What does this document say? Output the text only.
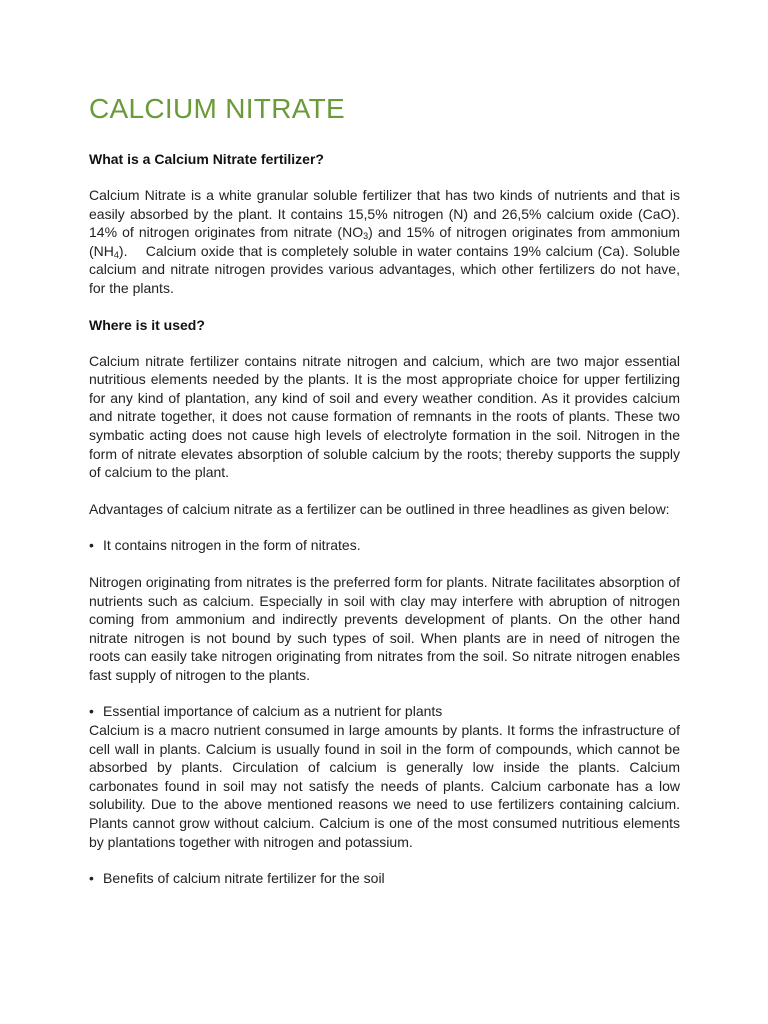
CALCIUM NITRATE
What is a Calcium Nitrate fertilizer?

Calcium Nitrate is a white granular soluble fertilizer that has two kinds of nutrients and that is easily absorbed by the plant. It contains 15,5% nitrogen (N) and 26,5% calcium oxide (CaO). 14% of nitrogen originates from nitrate $(NO_3)$ and 15% of nitrogen originates from ammonium $(NH_4)$.    Calcium oxide that is completely soluble in water contains 19% calcium (Ca). Soluble calcium and nitrate nitrogen provides various advantages, which other fertilizers do not have, for the plants.

Where is it used?

Calcium nitrate fertilizer contains nitrate nitrogen and calcium, which are two major essential nutritious elements needed by the plants. It is the most appropriate choice for upper fertilizing for any kind of plantation, any kind of soil and every weather condition. As it provides calcium and nitrate together, it does not cause formation of remnants in the roots of plants. These two symbatic acting does not cause high levels of electrolyte formation in the soil. Nitrogen in the form of nitrate elevates absorption of soluble calcium by the roots; thereby supports the supply of calcium to the plant.

Advantages of calcium nitrate as a fertilizer can be outlined in three headlines as given below:

• It contains nitrogen in the form of nitrates.

Nitrogen originating from nitrates is the preferred form for plants. Nitrate facilitates absorption of nutrients such as calcium. Especially in soil with clay may interfere with abruption of nitrogen coming from ammonium and indirectly prevents development of plants. On the other hand nitrate nitrogen is not bound by such types of soil. When plants are in need of nitrogen the roots can easily take nitrogen originating from nitrates from the soil. So nitrate nitrogen enables fast supply of nitrogen to the plants.

• Essential importance of calcium as a nutrient for plants

Calcium is a macro nutrient consumed in large amounts by plants. It forms the infrastructure of cell wall in plants. Calcium is usually found in soil in the form of compounds, which cannot be absorbed by plants. Circulation of calcium is generally low inside the plants. Calcium carbonates found in soil may not satisfy the needs of plants. Calcium carbonate has a low solubility. Due to the above mentioned reasons we need to use fertilizers containing calcium. Plants cannot grow without calcium. Calcium is one of the most consumed nutritious elements by plantations together with nitrogen and potassium.

• Benefits of calcium nitrate fertilizer for the soil
